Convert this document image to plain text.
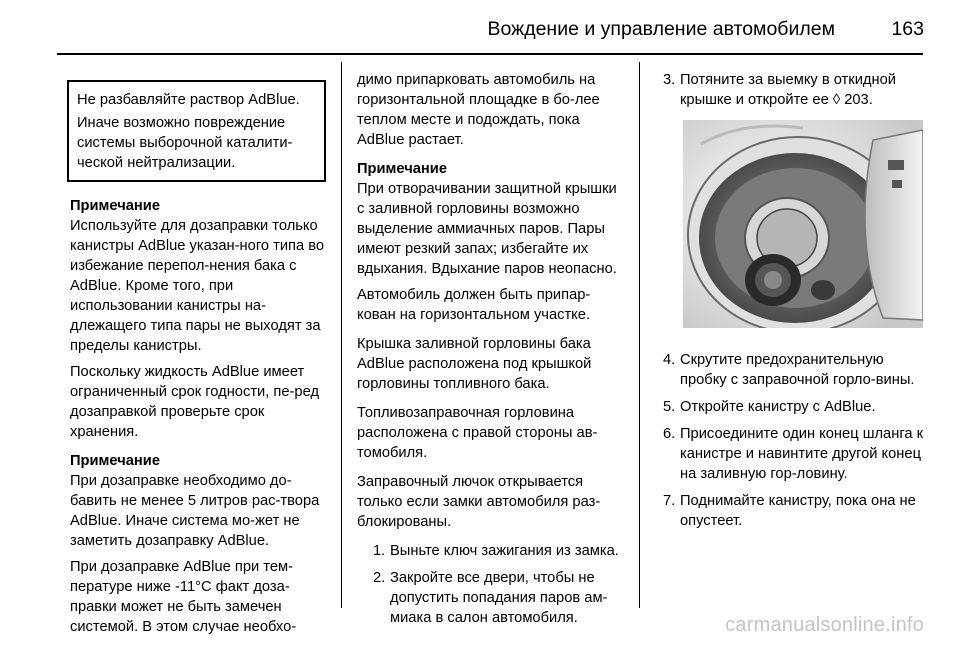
Вождение и управление автомобилем	163

Не разбавляйте раствор AdBlue.

Иначе возможно повреждение системы выборочной каталити-ческой нейтрализации.

Примечание

Используйте для дозаправки только канистры AdBlue указан-ного типа во избежание перепол-нения бака с AdBlue. Кроме того, при использовании канистры на-длежащего типа пары не выходят за пределы канистры.

Поскольку жидкость AdBlue имеет ограниченный срок годности, пе-ред дозаправкой проверьте срок хранения.

Примечание

При дозаправке необходимо до-бавить не менее 5 литров рас-твора AdBlue. Иначе система мо-жет не заметить дозаправку AdBlue.

При дозаправке AdBlue при тем-пературе ниже -11°C факт доза-правки может не быть замечен системой. В этом случае необхо-

димо припарковать автомобиль на горизонтальной площадке в бо-лее теплом месте и подождать, пока AdBlue растает.

Примечание

При отворачивании защитной крышки с заливной горловины возможно выделение аммиачных паров. Пары имеют резкий запах; избегайте их вдыхания. Вдыхание паров неопасно.

Автомобиль должен быть припар-кован на горизонтальном участке.

Крышка заливной горловины бака AdBlue расположена под крышкой горловины топливного бака.

Топливозаправочная горловина расположена с правой стороны ав-томобиля.

Заправочный лючок открывается только если замки автомобиля раз-блокированы.

1. Выньте ключ зажигания из замка.
2. Закройте все двери, чтобы не допустить попадания паров ам-миака в салон автомобиля.
3. Потяните за выемку в откидной крышке и откройте ее ◊ 203.
4. Скрутите предохранительную пробку с заправочной горло-вины.
5. Откройте канистру с AdBlue.
6. Присоедините один конец шланга к канистре и навинтите другой конец на заливную гор-ловину.
7. Поднимайте канистру, пока она не опустеет.
carmanualsonline.info
